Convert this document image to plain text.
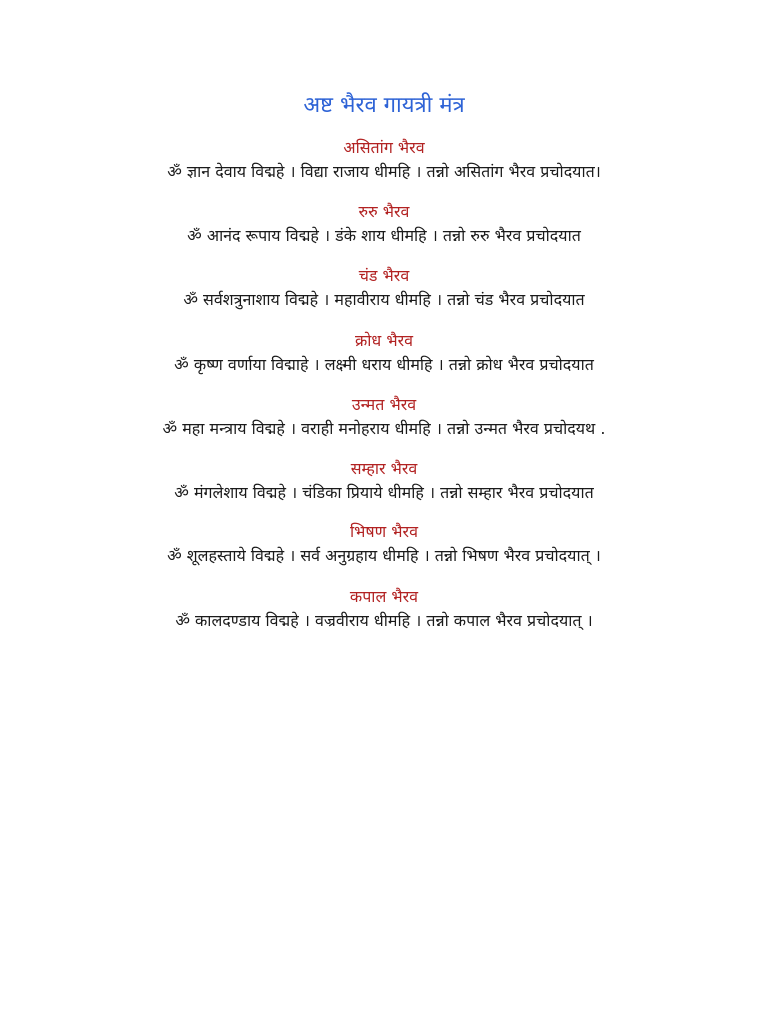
अष्ट भैरव गायत्री मंत्र
असितांग भैरव
ॐ ज्ञान देवाय विद्महे । विद्या राजाय धीमहि । तन्नो असितांग भैरव प्रचोदयात।
रुरु भैरव
ॐ आनंद रूपाय विद्महे । डंके शाय धीमहि । तन्नो रुरु भैरव प्रचोदयात
चंड भैरव
ॐ सर्वशत्रुनाशाय विद्महे । महावीराय धीमहि । तन्नो चंड भैरव प्रचोदयात
क्रोध भैरव
ॐ कृष्ण वर्णाया विद्माहे । लक्ष्मी धराय धीमहि । तन्नो क्रोध भैरव प्रचोदयात
उन्मत भैरव
ॐ महा मन्त्राय विद्महे । वराही मनोहराय धीमहि । तन्नो उन्मत भैरव प्रचोदयथ .
सम्हार भैरव
ॐ मंगलेशाय विद्महे । चंडिका प्रियाये धीमहि । तन्नो सम्हार भैरव प्रचोदयात
भिषण भैरव
ॐ शूलहस्ताये विद्महे । सर्व अनुग्रहाय धीमहि । तन्नो भिषण भैरव प्रचोदयात् ।
कपाल भैरव
ॐ कालदण्डाय विद्महे । वज्रवीराय धीमहि । तन्नो कपाल भैरव प्रचोदयात् ।
